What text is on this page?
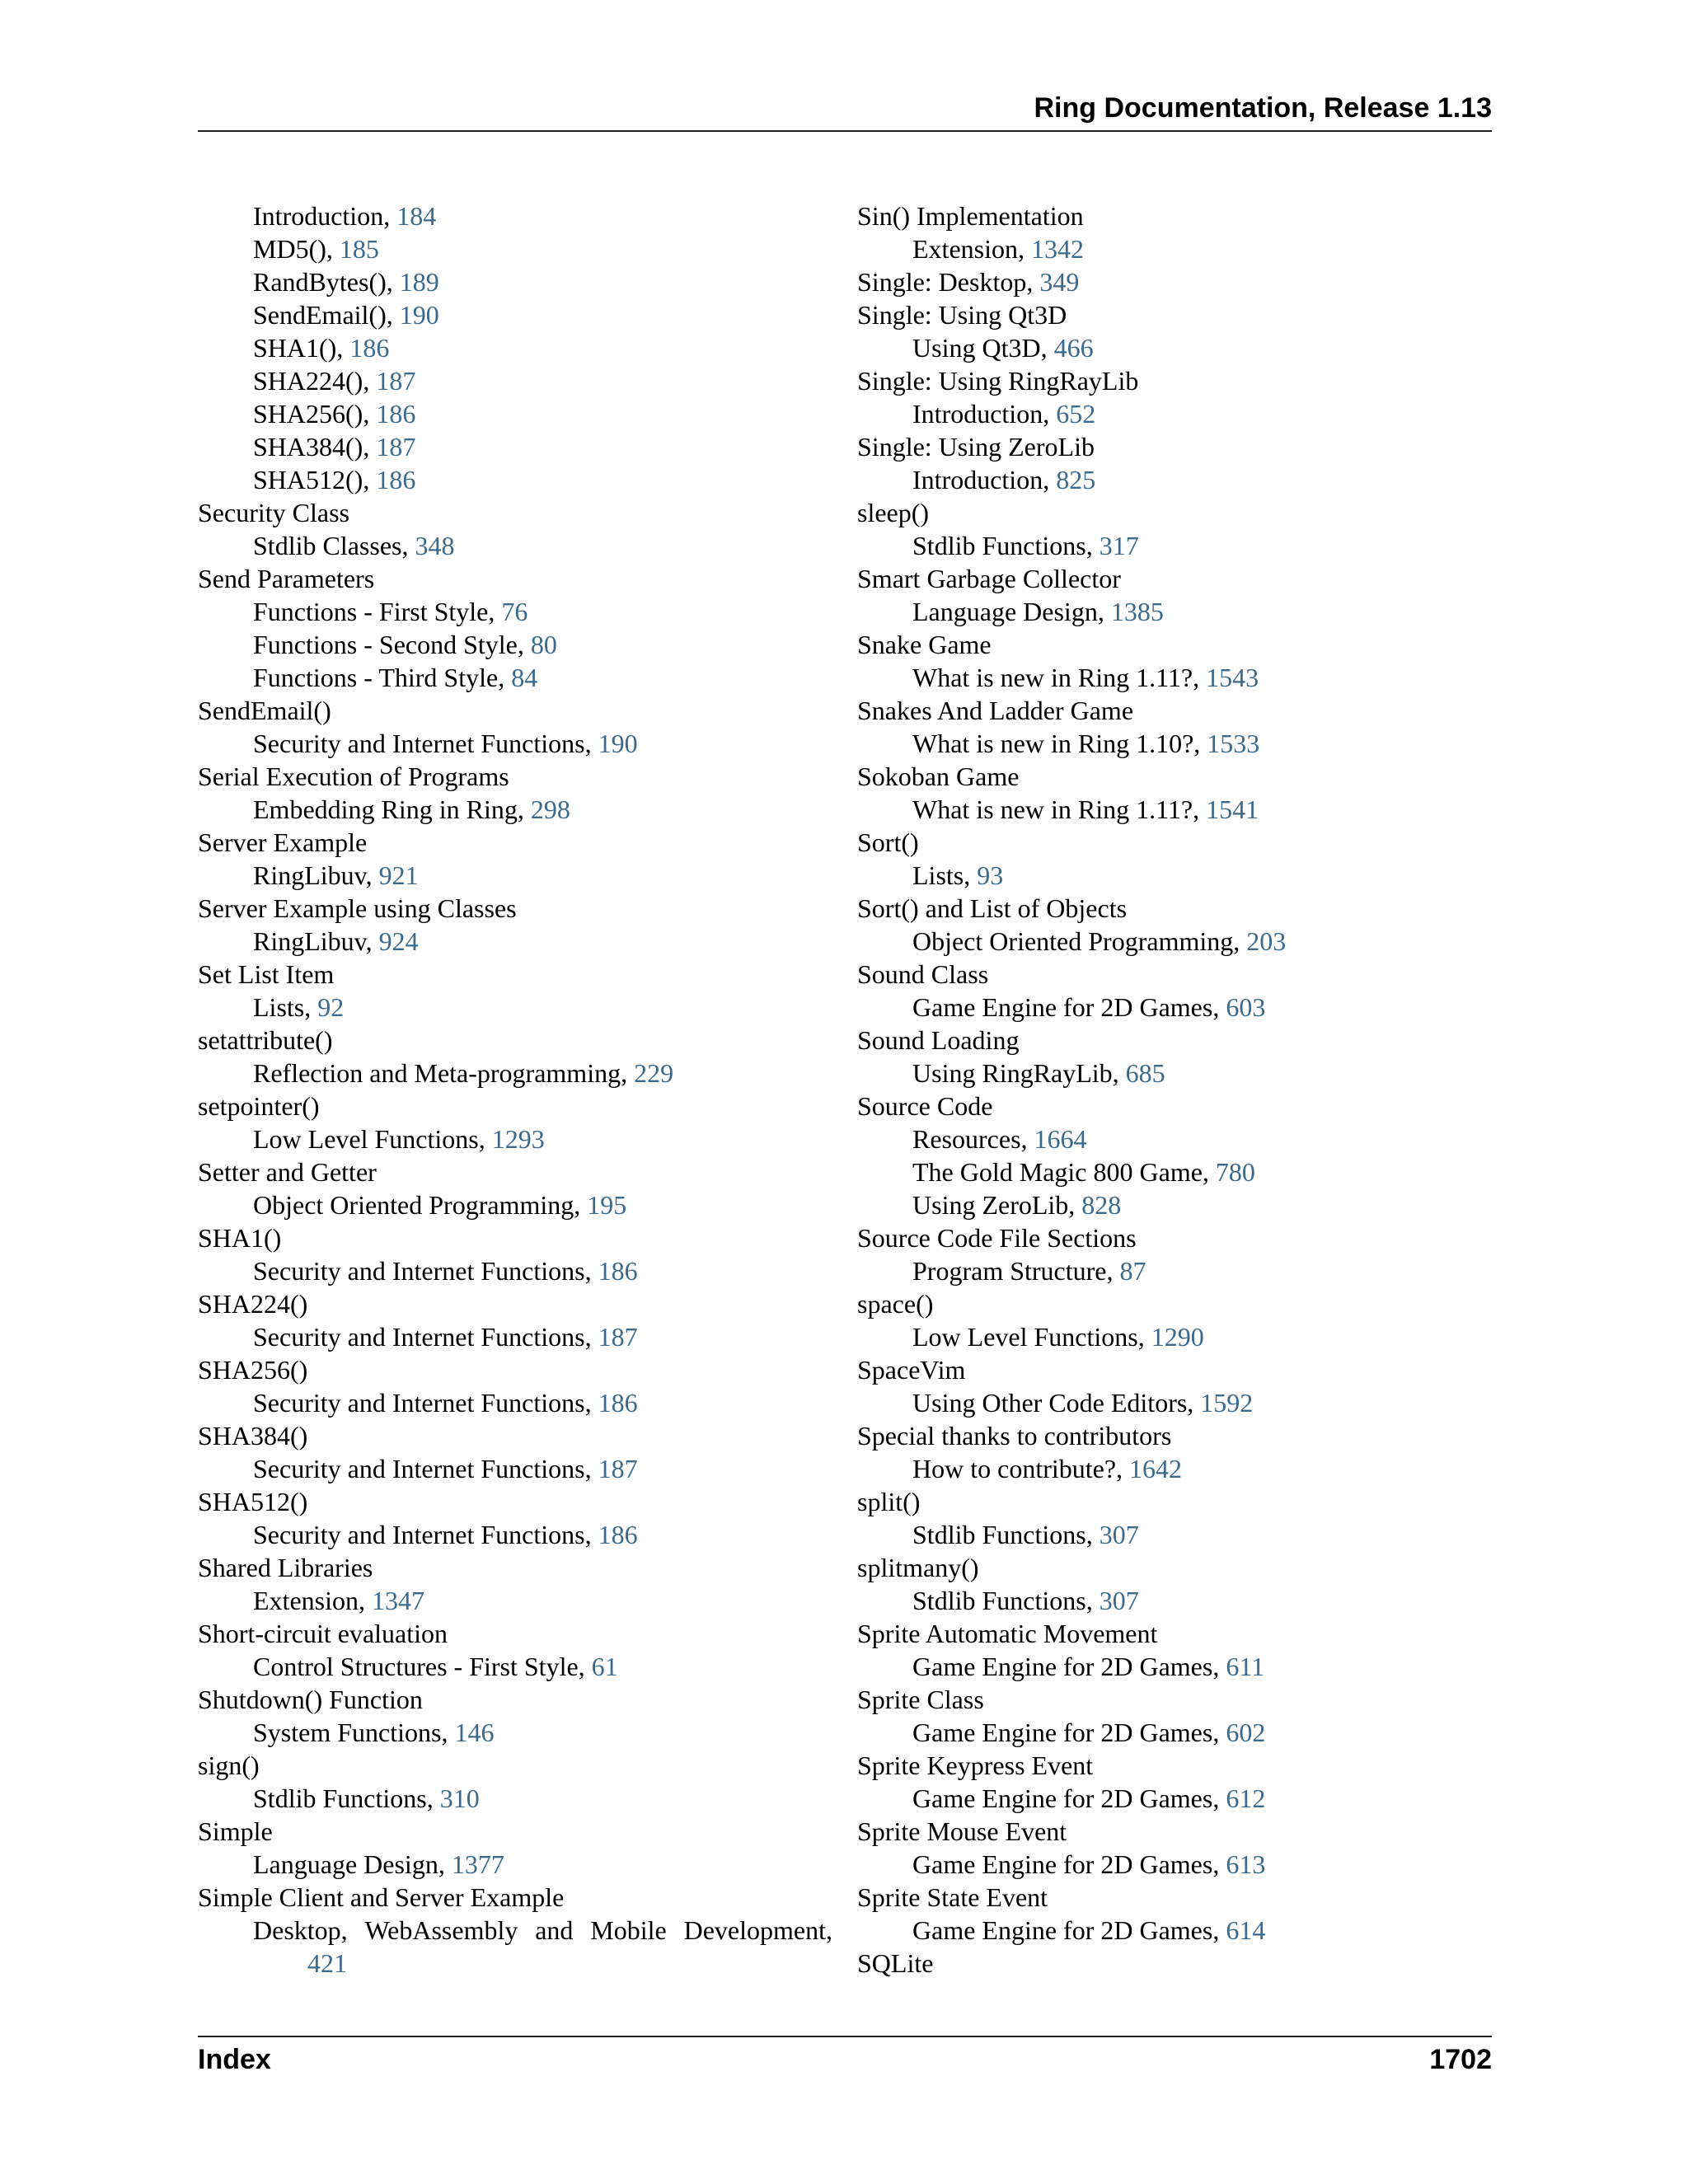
Ring Documentation, Release 1.13
Introduction, 184
MD5(), 185
RandBytes(), 189
SendEmail(), 190
SHA1(), 186
SHA224(), 187
SHA256(), 186
SHA384(), 187
SHA512(), 186
Security Class
Stdlib Classes, 348
Send Parameters
Functions - First Style, 76
Functions - Second Style, 80
Functions - Third Style, 84
SendEmail()
Security and Internet Functions, 190
Serial Execution of Programs
Embedding Ring in Ring, 298
Server Example
RingLibuv, 921
Server Example using Classes
RingLibuv, 924
Set List Item
Lists, 92
setattribute()
Reflection and Meta-programming, 229
setpointer()
Low Level Functions, 1293
Setter and Getter
Object Oriented Programming, 195
SHA1()
Security and Internet Functions, 186
SHA224()
Security and Internet Functions, 187
SHA256()
Security and Internet Functions, 186
SHA384()
Security and Internet Functions, 187
SHA512()
Security and Internet Functions, 186
Shared Libraries
Extension, 1347
Short-circuit evaluation
Control Structures - First Style, 61
Shutdown() Function
System Functions, 146
sign()
Stdlib Functions, 310
Simple
Language Design, 1377
Simple Client and Server Example
Desktop, WebAssembly and Mobile Development,
421
Sin() Implementation
Extension, 1342
Single: Desktop, 349
Single: Using Qt3D
Using Qt3D, 466
Single: Using RingRayLib
Introduction, 652
Single: Using ZeroLib
Introduction, 825
sleep()
Stdlib Functions, 317
Smart Garbage Collector
Language Design, 1385
Snake Game
What is new in Ring 1.11?, 1543
Snakes And Ladder Game
What is new in Ring 1.10?, 1533
Sokoban Game
What is new in Ring 1.11?, 1541
Sort()
Lists, 93
Sort() and List of Objects
Object Oriented Programming, 203
Sound Class
Game Engine for 2D Games, 603
Sound Loading
Using RingRayLib, 685
Source Code
Resources, 1664
The Gold Magic 800 Game, 780
Using ZeroLib, 828
Source Code File Sections
Program Structure, 87
space()
Low Level Functions, 1290
SpaceVim
Using Other Code Editors, 1592
Special thanks to contributors
How to contribute?, 1642
split()
Stdlib Functions, 307
splitmany()
Stdlib Functions, 307
Sprite Automatic Movement
Game Engine for 2D Games, 611
Sprite Class
Game Engine for 2D Games, 602
Sprite Keypress Event
Game Engine for 2D Games, 612
Sprite Mouse Event
Game Engine for 2D Games, 613
Sprite State Event
Game Engine for 2D Games, 614
SQLite
Index	1702
